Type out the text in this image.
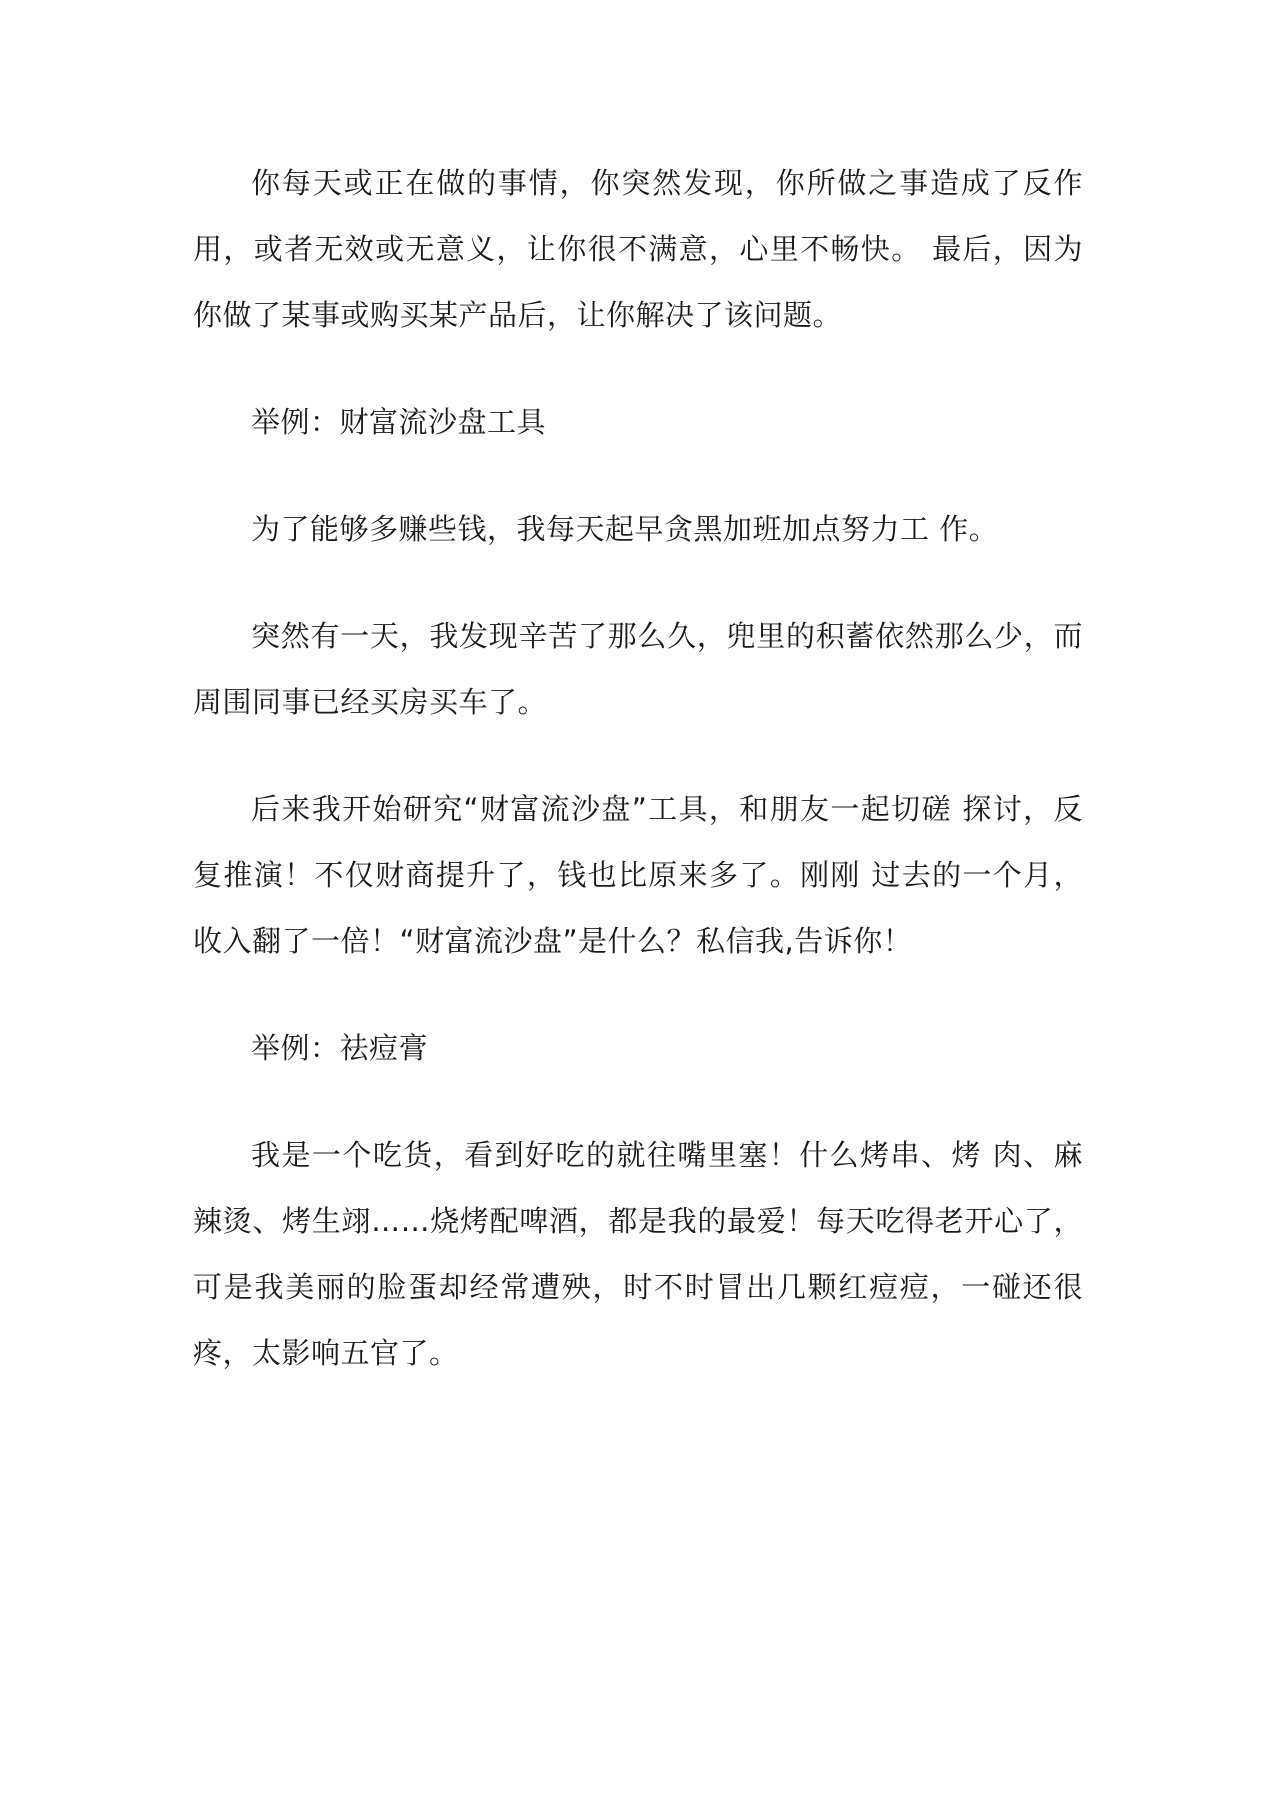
你每天或正在做的事情，你突然发现，你所做之事造成了反作用，或者无效或无意义，让你很不满意，心里不畅快。 最后，因为你做了某事或购买某产品后，让你解决了该问题。

举例：财富流沙盘工具

为了能够多赚些钱，我每天起早贪黑加班加点努力工 作。

突然有一天，我发现辛苦了那么久，兜里的积蓄依然那么少，而周围同事已经买房买车了。

后来我开始研究“财富流沙盘”工具，和朋友一起切磋 探讨，反复推演！不仅财商提升了，钱也比原来多了。刚刚 过去的一个月，收入翻了一倍！“财富流沙盘”是什么？私信我,告诉你！

举例：祛痘膏

我是一个吃货，看到好吃的就往嘴里塞！什么烤串、烤 肉、麻辣烫、烤生翊……烧烤配啤酒，都是我的最爱！每天吃得老开心了，可是我美丽的脸蛋却经常遭殃，时不时冒出几颗红痘痘，一碰还很疼，太影响五官了。
